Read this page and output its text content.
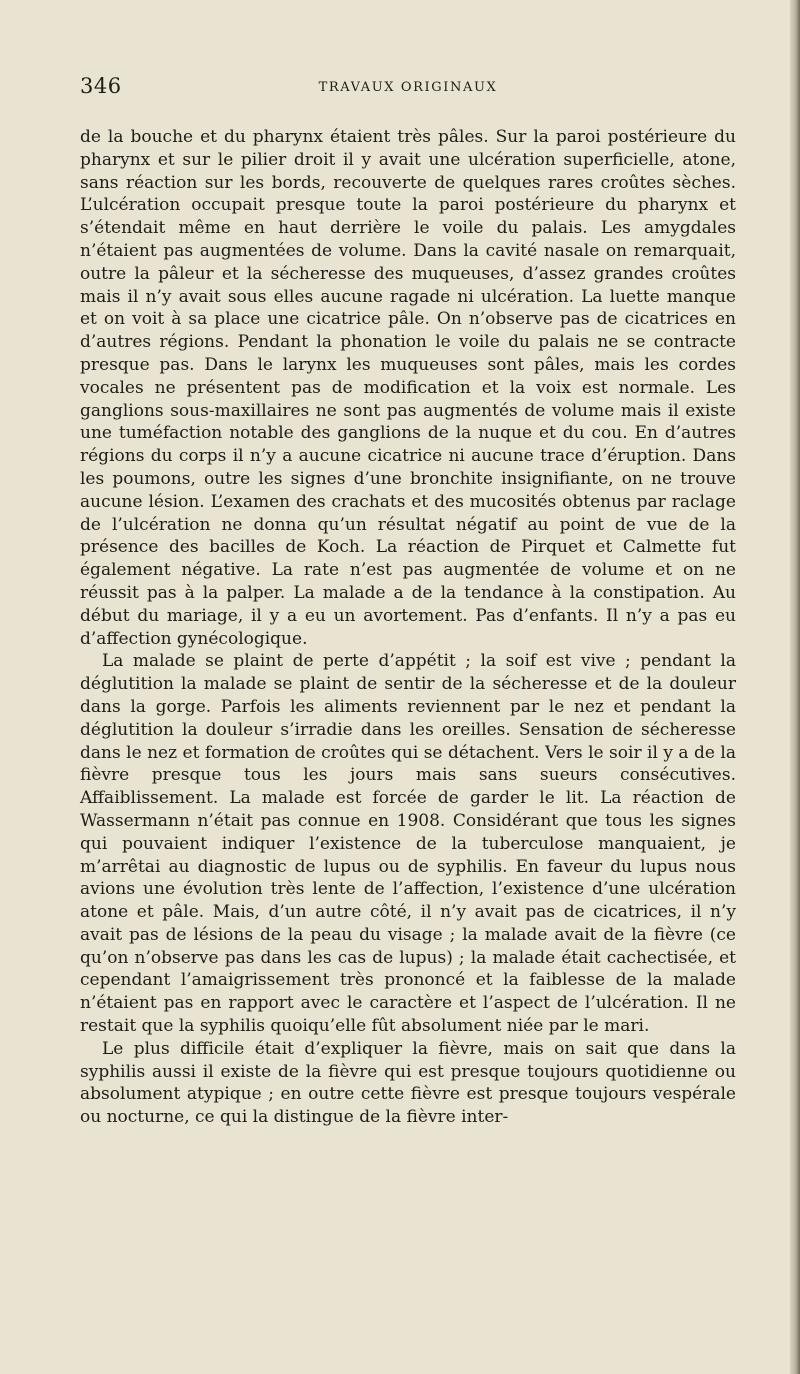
346	TRAVAUX ORIGINAUX

de la bouche et du pharynx étaient très pâles. Sur la paroi postérieure du pharynx et sur le pilier droit il y avait une ulcération superficielle, atone, sans réaction sur les bords, recouverte de quelques rares croûtes sèches. L’ulcération occupait presque toute la paroi postérieure du pharynx et s’étendait même en haut derrière le voile du palais. Les amygdales n’étaient pas augmentées de volume. Dans la cavité nasale on remarquait, outre la pâleur et la sécheresse des muqueuses, d’assez grandes croûtes mais il n’y avait sous elles aucune ragade ni ulcération. La luette manque et on voit à sa place une cicatrice pâle. On n’observe pas de cicatrices en d’autres régions. Pendant la phonation le voile du palais ne se contracte presque pas. Dans le larynx les muqueuses sont pâles, mais les cordes vocales ne présentent pas de modification et la voix est normale. Les ganglions sous-maxillaires ne sont pas augmentés de volume mais il existe une tuméfaction notable des ganglions de la nuque et du cou. En d’autres régions du corps il n’y a aucune cicatrice ni aucune trace d’éruption. Dans les poumons, outre les signes d’une bronchite insignifiante, on ne trouve aucune lésion. L’examen des crachats et des mucosités obtenus par raclage de l’ulcération ne donna qu’un résultat négatif au point de vue de la présence des bacilles de Koch. La réaction de Pirquet et Calmette fut également négative. La rate n’est pas augmentée de volume et on ne réussit pas à la palper. La malade a de la tendance à la constipation. Au début du mariage, il y a eu un avortement. Pas d’enfants. Il n’y a pas eu d’affection gynécologique.

La malade se plaint de perte d’appétit ; la soif est vive ; pendant la déglutition la malade se plaint de sentir de la sécheresse et de la douleur dans la gorge. Parfois les aliments reviennent par le nez et pendant la déglutition la douleur s’irradie dans les oreilles. Sensation de sécheresse dans le nez et formation de croûtes qui se détachent. Vers le soir il y a de la fièvre presque tous les jours mais sans sueurs consécutives. Affaiblissement. La malade est forcée de garder le lit. La réaction de Wassermann n’était pas connue en 1908. Considérant que tous les signes qui pouvaient indiquer l’existence de la tuberculose manquaient, je m’arrêtai au diagnostic de lupus ou de syphilis. En faveur du lupus nous avions une évolution très lente de l’affection, l’existence d’une ulcération atone et pâle. Mais, d’un autre côté, il n’y avait pas de cicatrices, il n’y avait pas de lésions de la peau du visage ; la malade avait de la fièvre (ce qu’on n’observe pas dans les cas de lupus) ; la malade était cachectisée, et cependant l’amaigrissement très prononcé et la faiblesse de la malade n’étaient pas en rapport avec le caractère et l’aspect de l’ulcération. Il ne restait que la syphilis quoiqu’elle fût absolument niée par le mari.

Le plus difficile était d’expliquer la fièvre, mais on sait que dans la syphilis aussi il existe de la fièvre qui est presque toujours quotidienne ou absolument atypique ; en outre cette fièvre est presque toujours vespérale ou nocturne, ce qui la distingue de la fièvre inter-
